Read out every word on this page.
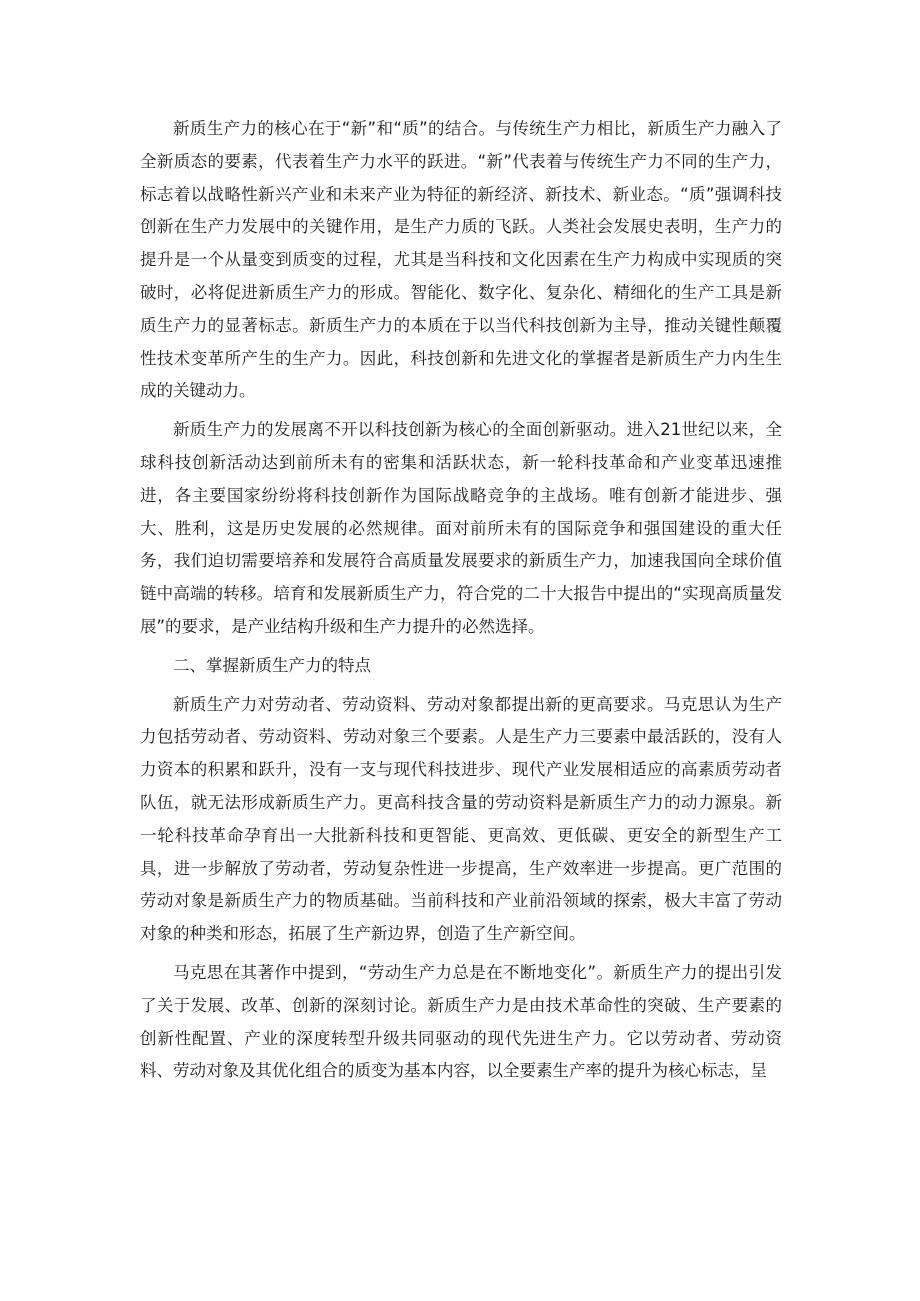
新质生产力的核心在于“新”和“质”的结合。与传统生产力相比，新质生产力融入了全新质态的要素，代表着生产力水平的跃进。“新”代表着与传统生产力不同的生产力，标志着以战略性新兴产业和未来产业为特征的新经济、新技术、新业态。“质”强调科技创新在生产力发展中的关键作用，是生产力质的飞跃。人类社会发展史表明，生产力的提升是一个从量变到质变的过程，尤其是当科技和文化因素在生产力构成中实现质的突破时，必将促进新质生产力的形成。智能化、数字化、复杂化、精细化的生产工具是新质生产力的显著标志。新质生产力的本质在于以当代科技创新为主导，推动关键性颠覆性技术变革所产生的生产力。因此，科技创新和先进文化的掌握者是新质生产力内生生成的关键动力。

新质生产力的发展离不开以科技创新为核心的全面创新驱动。进入21世纪以来，全球科技创新活动达到前所未有的密集和活跃状态，新一轮科技革命和产业变革迅速推进，各主要国家纷纷将科技创新作为国际战略竞争的主战场。唯有创新才能进步、强大、胜利，这是历史发展的必然规律。面对前所未有的国际竞争和强国建设的重大任务，我们迫切需要培养和发展符合高质量发展要求的新质生产力，加速我国向全球价值链中高端的转移。培育和发展新质生产力，符合党的二十大报告中提出的“实现高质量发展”的要求，是产业结构升级和生产力提升的必然选择。

二、掌握新质生产力的特点

新质生产力对劳动者、劳动资料、劳动对象都提出新的更高要求。马克思认为生产力包括劳动者、劳动资料、劳动对象三个要素。人是生产力三要素中最活跃的，没有人力资本的积累和跃升，没有一支与现代科技进步、现代产业发展相适应的高素质劳动者队伍，就无法形成新质生产力。更高科技含量的劳动资料是新质生产力的动力源泉。新一轮科技革命孕育出一大批新科技和更智能、更高效、更低碳、更安全的新型生产工具，进一步解放了劳动者，劳动复杂性进一步提高，生产效率进一步提高。更广范围的劳动对象是新质生产力的物质基础。当前科技和产业前沿领域的探索，极大丰富了劳动对象的种类和形态，拓展了生产新边界，创造了生产新空间。

马克思在其著作中提到，“劳动生产力总是在不断地变化”。新质生产力的提出引发了关于发展、改革、创新的深刻讨论。新质生产力是由技术革命性的突破、生产要素的创新性配置、产业的深度转型升级共同驱动的现代先进生产力。它以劳动者、劳动资料、劳动对象及其优化组合的质变为基本内容，以全要素生产率的提升为核心标志，呈
